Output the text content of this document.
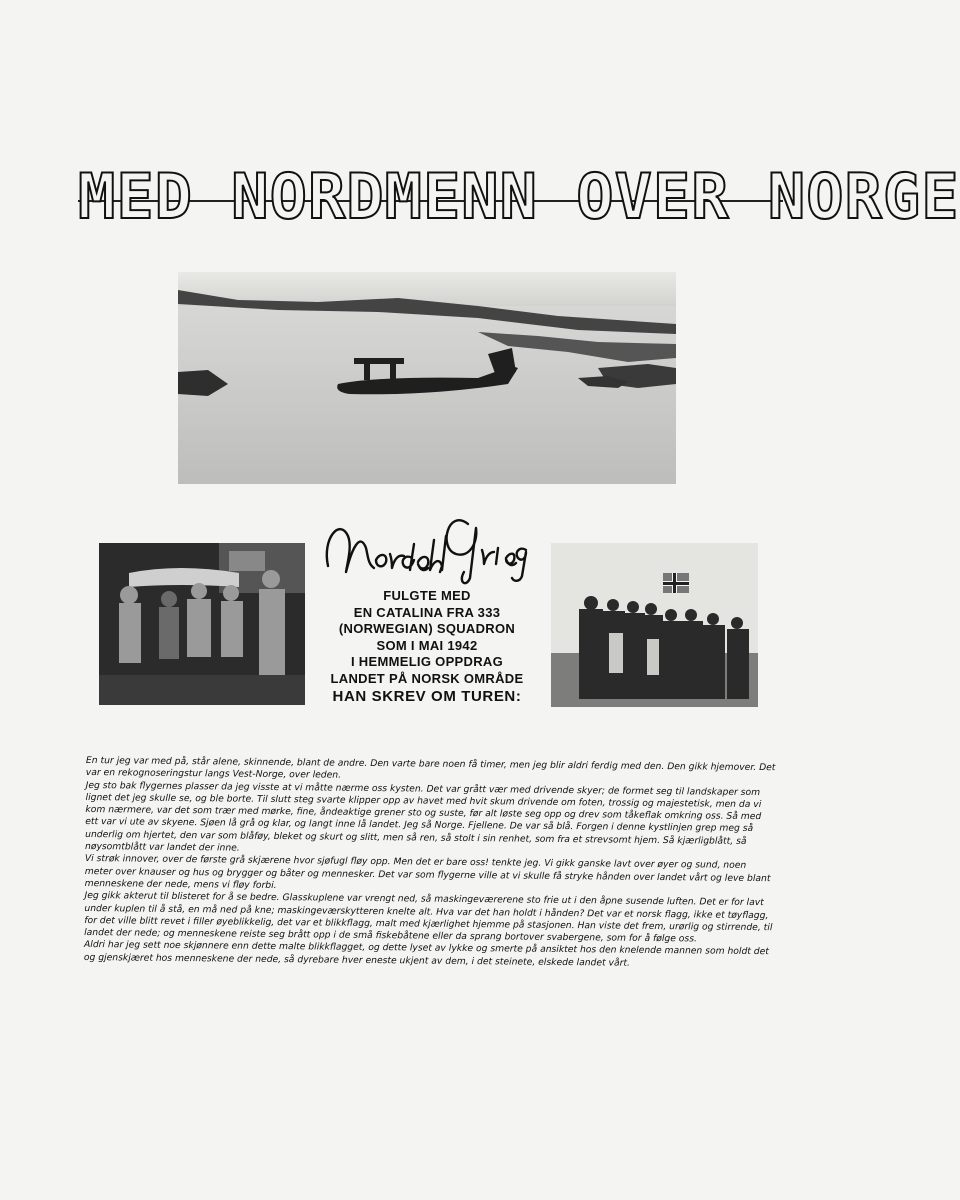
MED NORDMENN OVER NORGE
FULGTE MED
EN CATALINA FRA 333
(NORWEGIAN) SQUADRON
SOM I MAI 1942
I HEMMELIG OPPDRAG
LANDET PÅ NORSK OMRÅDE
HAN SKREV OM TUREN:

En tur jeg var med på, står alene, skinnende, blant de andre. Den varte bare noen få timer, men jeg blir aldri ferdig med den. Den gikk hjemover. Det var en rekognoseringstur langs Vest-Norge, over leden.

Jeg sto bak flygernes plasser da jeg visste at vi måtte nærme oss kysten. Det var grått vær med drivende skyer; de formet seg til landskaper som lignet det jeg skulle se, og ble borte. Til slutt steg svarte klipper opp av havet med hvit skum drivende om foten, trossig og majestetisk, men da vi kom nærmere, var det som trær med mørke, fine, åndeaktige grener sto og suste, før alt løste seg opp og drev som tåkeflak omkring oss. Så med ett var vi ute av skyene. Sjøen lå grå og klar, og langt inne lå landet. Jeg så Norge. Fjellene. De var så blå. Forgen i denne kystlinjen grep meg så underlig om hjertet, den var som blåføy, bleket og skurt og slitt, men så ren, så stolt i sin renhet, som fra et strevsomt hjem. Så kjærligblått, så nøysomtblått var landet der inne.

Vi strøk innover, over de første grå skjærene hvor sjøfugl fløy opp. Men det er bare oss! tenkte jeg. Vi gikk ganske lavt over øyer og sund, noen meter over knauser og hus og brygger og båter og mennesker. Det var som flygerne ville at vi skulle få stryke hånden over landet vårt og leve blant menneskene der nede, mens vi fløy forbi.

Jeg gikk akterut til blisteret for å se bedre. Glasskuplene var vrengt ned, så maskingeværerene sto frie ut i den åpne susende luften. Det er for lavt under kuplen til å stå, en må ned på kne; maskingeværskytteren knelte alt. Hva var det han holdt i hånden? Det var et norsk flagg, ikke et tøyflagg, for det ville blitt revet i filler øyeblikkelig, det var et blikkflagg, malt med kjærlighet hjemme på stasjonen. Han viste det frem, urørlig og stirrende, til landet der nede; og menneskene reiste seg brått opp i de små fiskebåtene eller da sprang bortover svabergene, som for å følge oss.

Aldri har jeg sett noe skjønnere enn dette malte blikkflagget, og dette lyset av lykke og smerte på ansiktet hos den knelende mannen som holdt det og gjenskjæret hos menneskene der nede, så dyrebare hver eneste ukjent av dem, i det steinete, elskede landet vårt.
